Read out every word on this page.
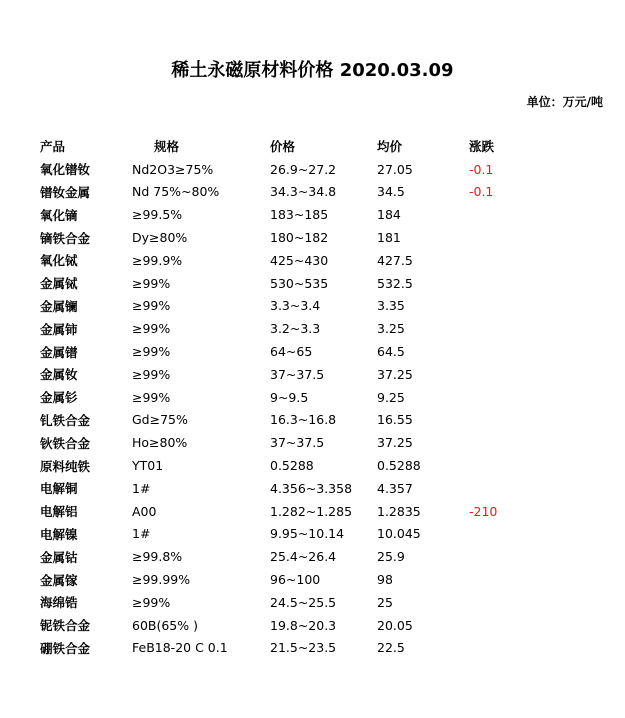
稀土永磁原材料价格 2020.03.09
单位：万元/吨
产品	规格	价格	均价	涨跌
氧化镨钕	Nd2O3≥75%	26.9~27.2	27.05	-0.1
镨钕金属	Nd 75%~80%	34.3~34.8	34.5	-0.1
氧化镝	≥99.5%	183~185	184	
镝铁合金	Dy≥80%	180~182	181	
氧化铽	≥99.9%	425~430	427.5	
金属铽	≥99%	530~535	532.5	
金属镧	≥99%	3.3~3.4	3.35	
金属铈	≥99%	3.2~3.3	3.25	
金属镨	≥99%	64~65	64.5	
金属钕	≥99%	37~37.5	37.25	
金属钐	≥99%	9~9.5	9.25	
钆铁合金	Gd≥75%	16.3~16.8	16.55	
钬铁合金	Ho≥80%	37~37.5	37.25	
原料纯铁	YT01	0.5288	0.5288	
电解铜	1#	4.356~3.358	4.357	
电解铝	A00	1.282~1.285	1.2835	-210
电解镍	1#	9.95~10.14	10.045	
金属钴	≥99.8%	25.4~26.4	25.9	
金属镓	≥99.99%	96~100	98	
海绵锆	≥99%	24.5~25.5	25	
铌铁合金	60B(65% )	19.8~20.3	20.05	
硼铁合金	FeB18-20 C 0.1	21.5~23.5	22.5	
